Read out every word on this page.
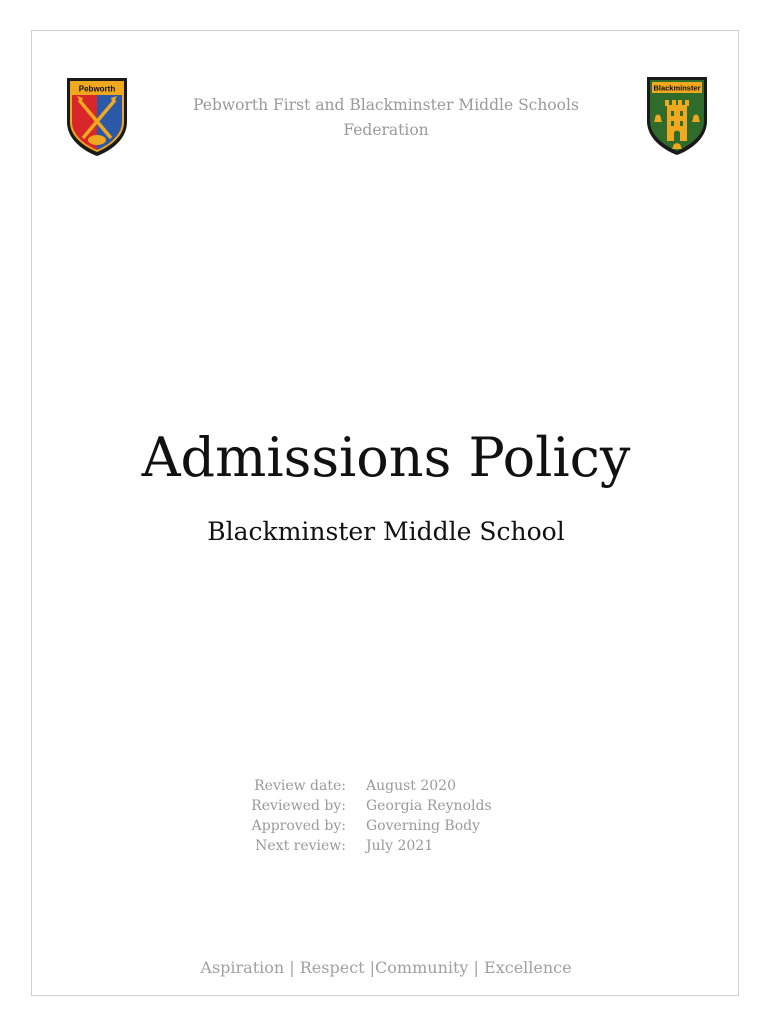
Pebworth
Pebworth First and Blackminster Middle Schools
Federation
Blackminster
Admissions Policy
Blackminster Middle School
Review date:	August 2020
Reviewed by:	Georgia Reynolds
Approved by:	Governing Body
Next review:	July 2021
Aspiration | Respect |Community | Excellence
